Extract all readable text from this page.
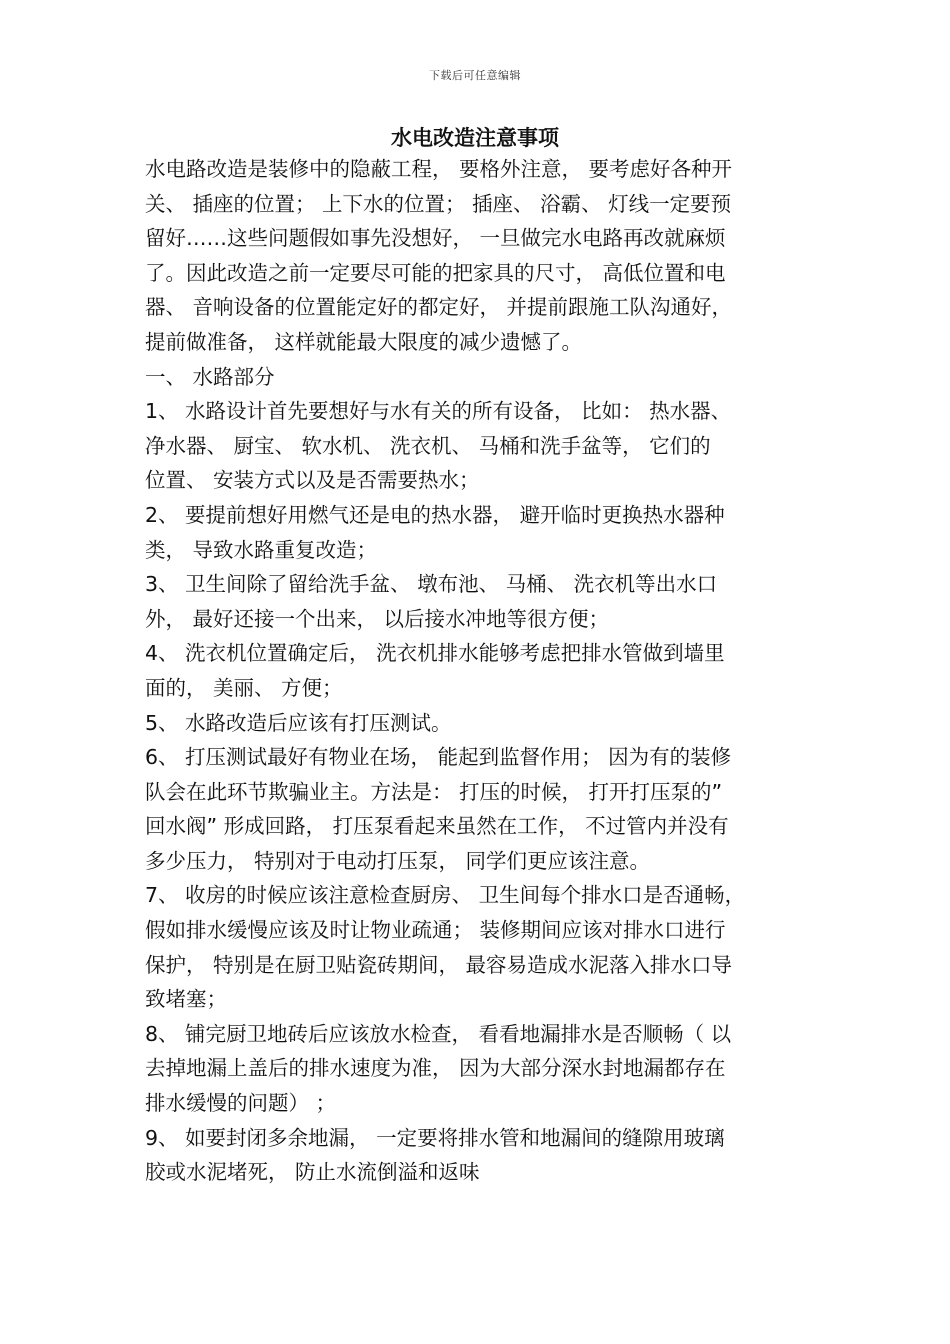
下载后可任意编辑
水电改造注意事项
水电路改造是装修中的隐蔽工程， 要格外注意， 要考虑好各种开
关、 插座的位置； 上下水的位置； 插座、 浴霸、 灯线一定要预
留好……这些问题假如事先没想好， 一旦做完水电路再改就麻烦
了。因此改造之前一定要尽可能的把家具的尺寸， 高低位置和电
器、 音响设备的位置能定好的都定好， 并提前跟施工队沟通好，
提前做准备， 这样就能最大限度的减少遗憾了。
一、 水路部分
1、 水路设计首先要想好与水有关的所有设备， 比如： 热水器、
净水器、 厨宝、 软水机、 洗衣机、 马桶和洗手盆等， 它们的
位置、 安装方式以及是否需要热水；
2、 要提前想好用燃气还是电的热水器， 避开临时更换热水器种
类， 导致水路重复改造；
3、 卫生间除了留给洗手盆、 墩布池、 马桶、 洗衣机等出水口
外， 最好还接一个出来， 以后接水冲地等很方便；
4、 洗衣机位置确定后， 洗衣机排水能够考虑把排水管做到墙里
面的， 美丽、 方便；
5、 水路改造后应该有打压测试。
6、 打压测试最好有物业在场， 能起到监督作用； 因为有的装修
队会在此环节欺骗业主。方法是： 打压的时候， 打开打压泵的”
回水阀” 形成回路， 打压泵看起来虽然在工作， 不过管内并没有
多少压力， 特别对于电动打压泵， 同学们更应该注意。
7、 收房的时候应该注意检查厨房、 卫生间每个排水口是否通畅，
假如排水缓慢应该及时让物业疏通； 装修期间应该对排水口进行
保护， 特别是在厨卫贴瓷砖期间， 最容易造成水泥落入排水口导
致堵塞；
8、 铺完厨卫地砖后应该放水检查， 看看地漏排水是否顺畅（ 以
去掉地漏上盖后的排水速度为准， 因为大部分深水封地漏都存在
排水缓慢的问题） ；
9、 如要封闭多余地漏， 一定要将排水管和地漏间的缝隙用玻璃
胶或水泥堵死， 防止水流倒溢和返味
